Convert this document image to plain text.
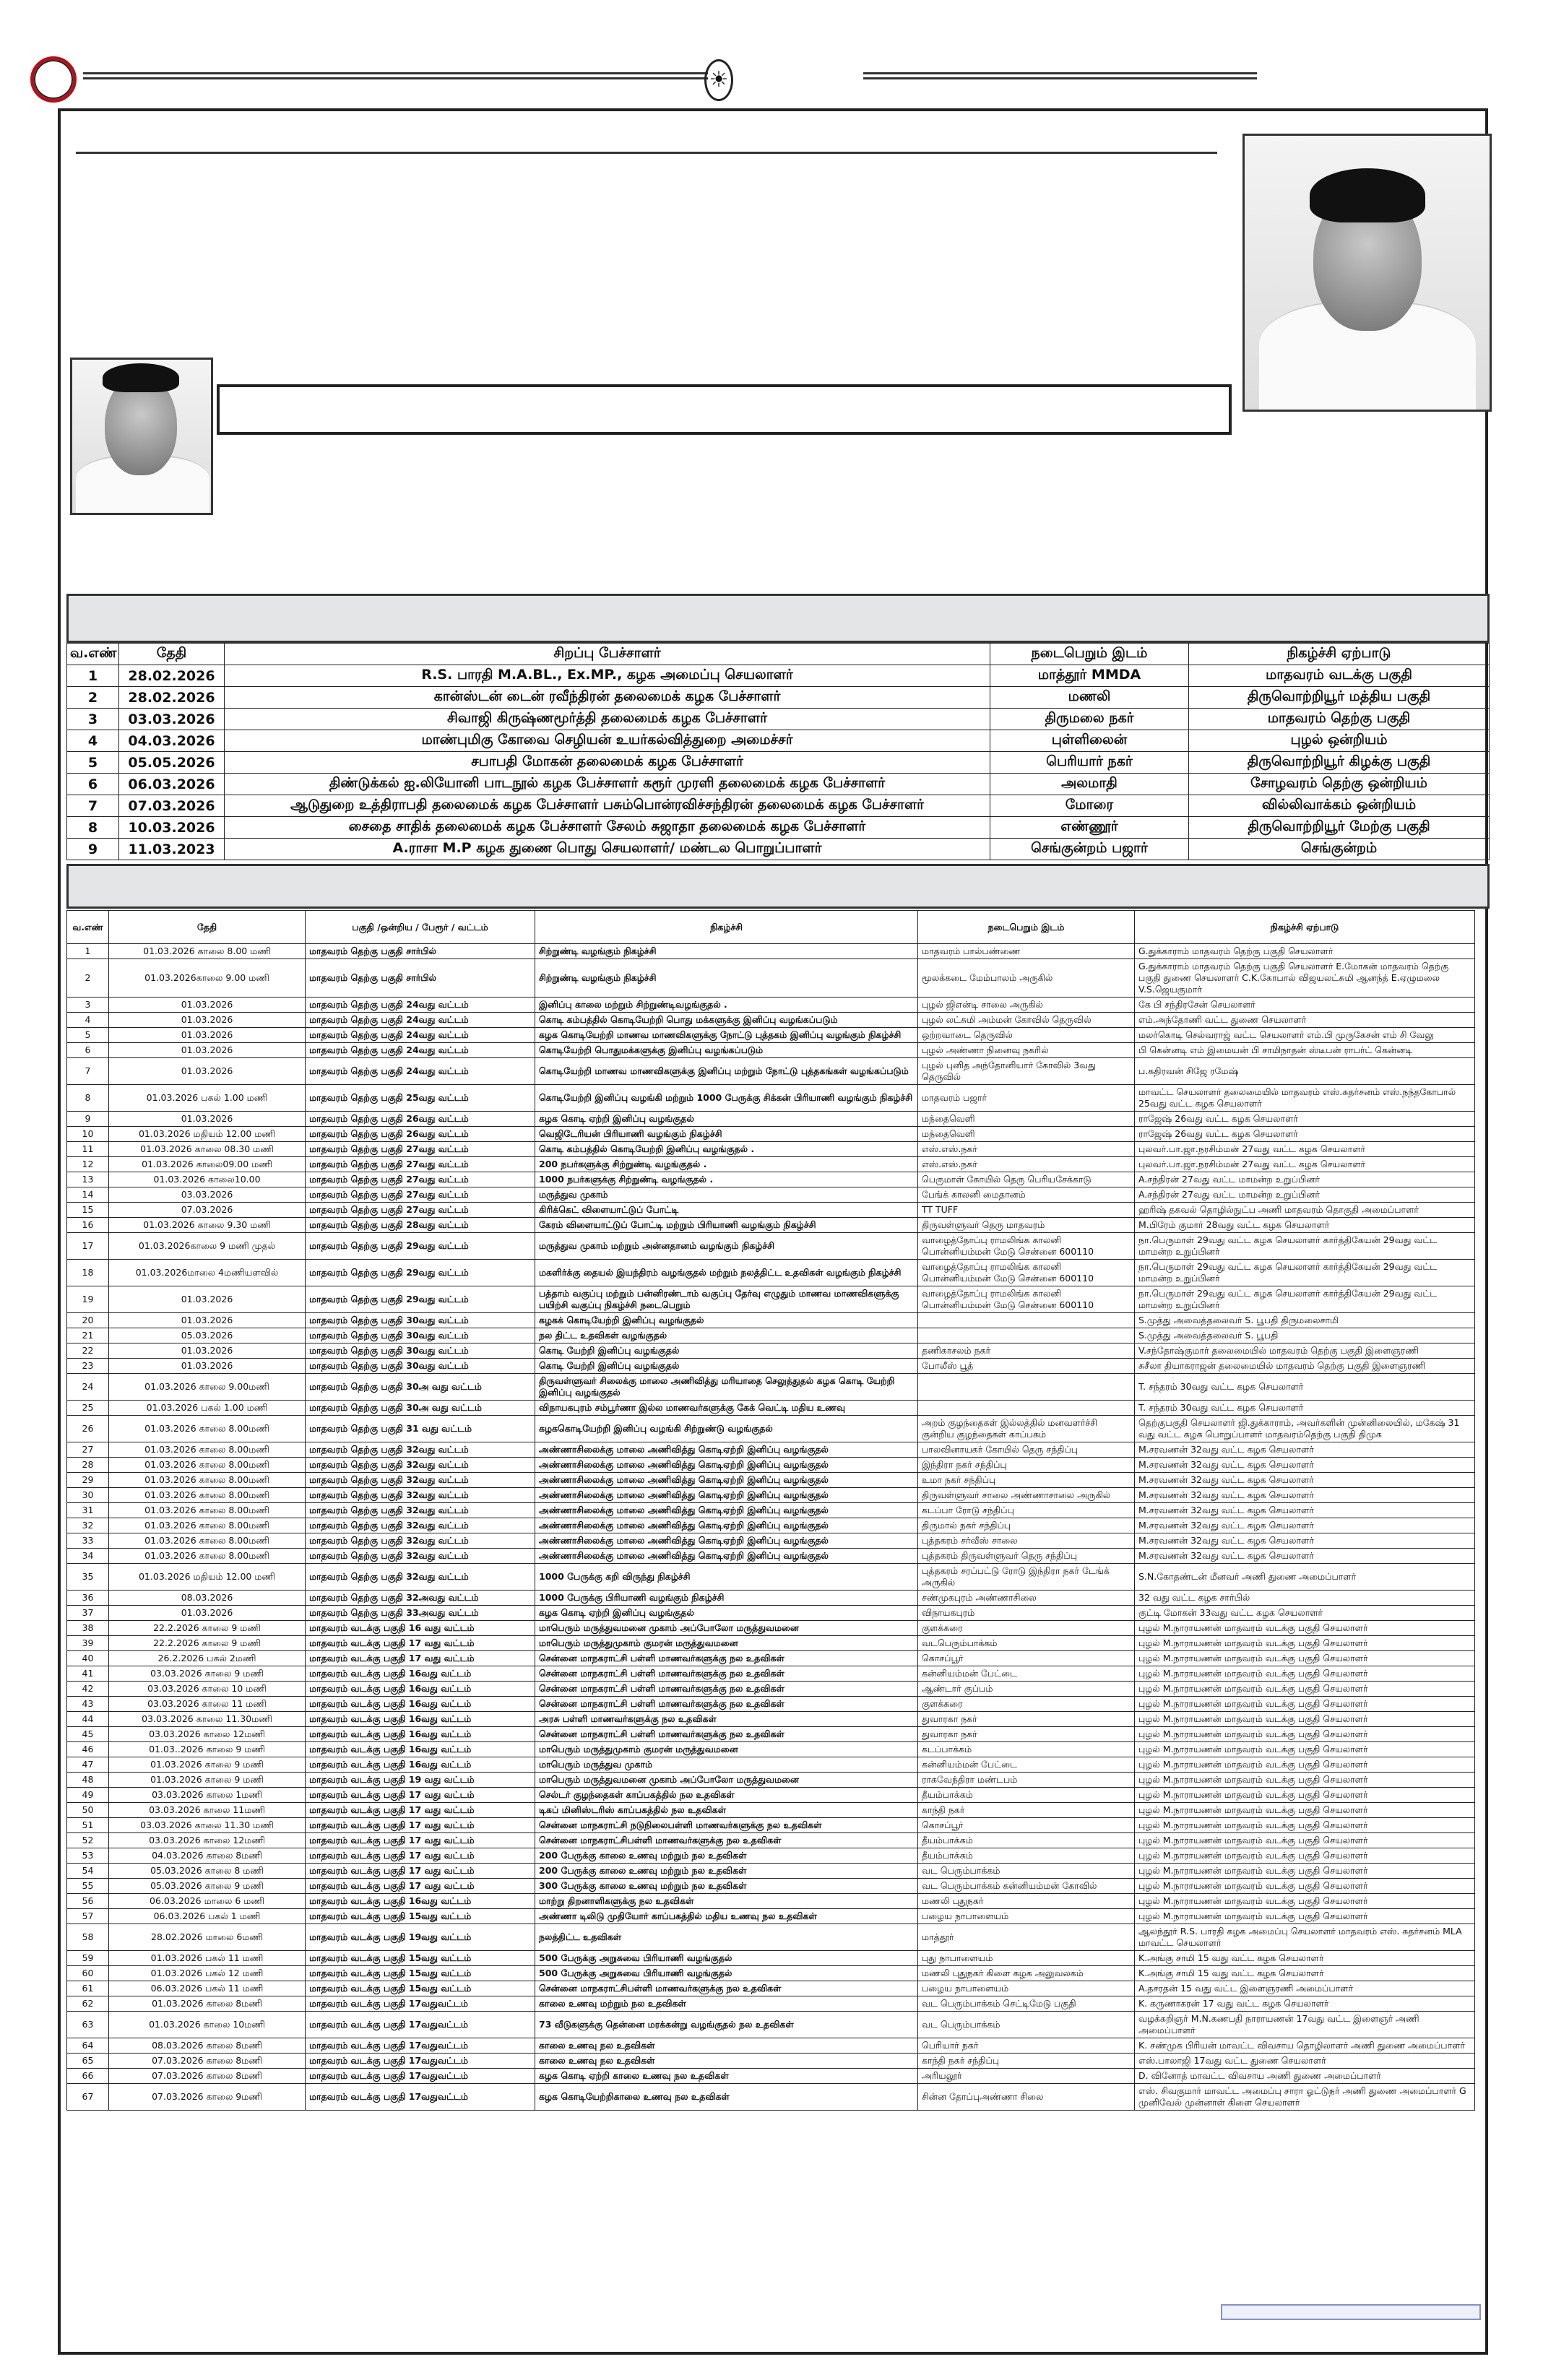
☀
வ.எண்	தேதி	சிறப்பு பேச்சாளர்	நடைபெறும் இடம்	நிகழ்ச்சி ஏற்பாடு
1	28.02.2026	R.S. பாரதி M.A.BL., Ex.MP., கழக அமைப்பு செயலாளர்	மாத்தூர் MMDA	மாதவரம் வடக்கு பகுதி
2	28.02.2026	கான்ஸ்டன் டைன் ரவீந்திரன் தலைமைக் கழக பேச்சாளர்	மணலி	திருவொற்றியூர் மத்திய பகுதி
3	03.03.2026	சிவாஜி கிருஷ்ணமூர்த்தி தலைமைக் கழக பேச்சாளர்	திருமலை நகர்	மாதவரம் தெற்கு பகுதி
4	04.03.2026	மாண்புமிகு கோவை செழியன் உயர்கல்வித்துறை அமைச்சர்	புள்ளிலைன்	புழல் ஒன்றியம்
5	05.05.2026	சபாபதி மோகன் தலைமைக் கழக பேச்சாளர்	பெரியார் நகர்	திருவொற்றியூர் கிழக்கு பகுதி
6	06.03.2026	திண்டுக்கல் ஐ.லியோனி பாடநூல் கழக பேச்சாளர் கரூர் முரளி தலைமைக் கழக பேச்சாளர்	அலமாதி	சோழவரம் தெற்கு ஒன்றியம்
7	07.03.2026	ஆடுதுறை உத்திராபதி தலைமைக் கழக பேச்சாளர் பசும்பொன்ரவிச்சந்திரன் தலைமைக் கழக பேச்சாளர்	மோரை	வில்லிவாக்கம் ஒன்றியம்
8	10.03.2026	சைதை சாதிக் தலைமைக் கழக பேச்சாளர் சேலம் சுஜாதா தலைமைக் கழக பேச்சாளர்	எண்ணூர்	திருவொற்றியூர் மேற்கு பகுதி
9	11.03.2023	A.ராசா M.P கழக துணை பொது செயலாளர்/ மண்டல பொறுப்பாளர்	செங்குன்றம் பஜார்	செங்குன்றம்
வ.எண்	தேதி	பகுதி /ஒன்றிய / பேரூர் / வட்டம்	நிகழ்ச்சி	நடைபெறும் இடம்	நிகழ்ச்சி ஏற்பாடு
1	01.03.2026 காலை 8.00 மணி	மாதவரம் தெற்கு பகுதி சார்பில்	சிற்றுண்டி வழங்கும் நிகழ்ச்சி	மாதவரம் பால்பண்ணை	G.துக்காராம் மாதவரம் தெற்கு பகுதி செயலாளர்
2	01.03.2026காலை 9.00 மணி	மாதவரம் தெற்கு பகுதி சார்பில்	சிற்றுண்டி வழங்கும் நிகழ்ச்சி	மூலக்கடை மேம்பாலம் அருகில்	G.துக்காராம் மாதவரம் தெற்கு பகுதி செயலாளர் E.மோகன் மாதவரம் தெற்கு பகுதி துணை செயலாளர் C.K.கோபால் விஜயலட்சுமி ஆனந்த் E.ஏழுமலை V.S.ஜெயகுமார்
3	01.03.2026	மாதவரம் தெற்கு பகுதி 24வது வட்டம்	இனிப்பு காலை மற்றும் சிற்றுண்டிவழங்குதல் .	புழல் ஜிஎன்டி சாலை அருகில்	கே பி சந்திரசேன் செயலாளர்
4	01.03.2026	மாதவரம் தெற்கு பகுதி 24வது வட்டம்	கொடி கம்பத்தில் கொடியேற்றி பொது மக்களுக்கு இனிப்பு வழங்கப்படும்	புழல் லட்சுமி அம்மன் கோவில் தெருவில்	எம்.அந்தோணி வட்ட துணை செயலாளர்
5	01.03.2026	மாதவரம் தெற்கு பகுதி 24வது வட்டம்	கழக கொடியேற்றி மாணவ மாணவிகளுக்கு நோட்டு புத்தகம் இனிப்பு வழங்கும் நிகழ்ச்சி	ஒற்றவாடை தெருவில்	மலர்கொடி செல்வராஜ் வட்ட செயலாளர் எம்.பி முருகேசன் எம் சி வேலு
6	01.03.2026	மாதவரம் தெற்கு பகுதி 24வது வட்டம்	கொடியேற்றி பொதுமக்களுக்கு இனிப்பு வழங்கப்படும்	புழல் அண்ணா நினைவு நகரில்	பி கென்னடி எம் இமையன் பி சாமிநாதன் ஸ்டீபன் ராபர்ட் கென்னடி
7	01.03.2026	மாதவரம் தெற்கு பகுதி 24வது வட்டம்	கொடியேற்றி மாணவ மாணவிகளுக்கு இனிப்பு மற்றும் நோட்டு புத்தகங்கள் வழங்கப்படும்	புழல் புனித அந்தோனியார் கோவில் 3வது தெருவில்	ப.கதிரவன் சிஜே ரமேஷ்
8	01.03.2026 பகல் 1.00 மணி	மாதவரம் தெற்கு பகுதி 25வது வட்டம்	கொடியேற்றி இனிப்பு வழங்கி மற்றும் 1000 பேருக்கு சிக்கன் பிரியாணி வழங்கும் நிகழ்ச்சி	மாதவரம் பஜார்	மாவட்ட செயலாளர் தலைமையில் மாதவரம் எஸ்.சுதர்சனம் எஸ்.நந்தகோபால் 25வது வட்ட கழக செயலாளர்
9	01.03.2026	மாதவரம் தெற்கு பகுதி 26வது வட்டம்	கழக கொடி ஏற்றி இனிப்பு வழங்குதல்	மந்தைவெளி	ராஜேஷ் 26வது வட்ட கழக செயலாளர்
10	01.03.2026 மதியம் 12.00 மணி	மாதவரம் தெற்கு பகுதி 26வது வட்டம்	வெஜிடேரியன் பிரியாணி வழங்கும் நிகழ்ச்சி	மந்தைவெளி	ராஜேஷ் 26வது வட்ட கழக செயலாளர்
11	01.03.2026 காலை 08.30 மணி	மாதவரம் தெற்கு பகுதி 27வது வட்டம்	கொடி கம்பத்தில் கொடியேற்றி இனிப்பு வழங்குதல் .	எஸ்.எஸ்.நகர்	புலவர்.பா.ஜா.நரசிம்மன் 27வது வட்ட கழக செயலாளர்
12	01.03.2026 காலை09.00 மணி	மாதவரம் தெற்கு பகுதி 27வது வட்டம்	200 நபர்களுக்கு சிற்றுண்டி வழங்குதல் .	எஸ்.எஸ்.நகர்	புலவர்.பா.ஜா.நரசிம்மன் 27வது வட்ட கழக செயலாளர்
13	01.03.2026 காலை10.00	மாதவரம் தெற்கு பகுதி 27வது வட்டம்	1000 நபர்களுக்கு சிற்றுண்டி வழங்குதல் .	பெருமாள் கோயில் தெரு பெரியசேக்காடு	A.சந்திரன் 27வது வட்ட மாமன்ற உறுப்பினர்
14	03.03.2026	மாதவரம் தெற்கு பகுதி 27வது வட்டம்	மருத்துவ முகாம்	பேங்க் காலனி மைதானம்	A.சந்திரன் 27வது வட்ட மாமன்ற உறுப்பினர்
15	07.03.2026	மாதவரம் தெற்கு பகுதி 27வது வட்டம்	கிரிக்கெட் விளையாட்டுப் போட்டி	TT TUFF	ஹரிஷ் தகவல் தொழில்நுட்ப அணி மாதவரம் தொகுதி அமைப்பாளர்
16	01.03.2026 காலை 9.30 மணி	மாதவரம் தெற்கு பகுதி 28வது வட்டம்	கேரம் விளையாட்டுப் போட்டி மற்றும் பிரியாணி வழங்கும் நிகழ்ச்சி	திருவள்ளுவர் தெரு மாதவரம்	M.பிரேம் குமார் 28வது வட்ட கழக செயலாளர்
17	01.03.2026காலை 9 மணி முதல்	மாதவரம் தெற்கு பகுதி 29வது வட்டம்	மருத்துவ முகாம் மற்றும் அன்னதானம் வழங்கும் நிகழ்ச்சி	வாழைத்தோப்பு ராமலிங்க காலனி பொன்னியம்மன் மேடு சென்னை 600110	நா.பெருமாள் 29வது வட்ட கழக செயலாளர் கார்த்திகேயன் 29வது வட்ட மாமன்ற உறுப்பினர்
18	01.03.2026மாலை 4மணியளவில்	மாதவரம் தெற்கு பகுதி 29வது வட்டம்	மகளிர்க்கு தையல் இயந்திரம் வழங்குதல் மற்றும் நலத்திட்ட உதவிகள் வழங்கும் நிகழ்ச்சி	வாழைத்தோப்பு ராமலிங்க காலனி பொன்னியம்மன் மேடு சென்னை 600110	நா.பெருமாள் 29வது வட்ட கழக செயலாளர் கார்த்திகேயன் 29வது வட்ட மாமன்ற உறுப்பினர்
19	01.03.2026	மாதவரம் தெற்கு பகுதி 29வது வட்டம்	பத்தாம் வகுப்பு மற்றும் பன்னிரண்டாம் வகுப்பு தேர்வு எழுதும் மாணவ மாணவிகளுக்கு பயிற்சி வகுப்பு நிகழ்ச்சி நடைபெறும்	வாழைத்தோப்பு ராமலிங்க காலனி பொன்னியம்மன் மேடு சென்னை 600110	நா.பெருமாள் 29வது வட்ட கழக செயலாளர் கார்த்திகேயன் 29வது வட்ட மாமன்ற உறுப்பினர்
20	01.03.2026	மாதவரம் தெற்கு பகுதி 30வது வட்டம்	கழகக் கொடியேற்றி இனிப்பு வழங்குதல்		S.முத்து அவைத்தலைவர் S. பூபதி திருமலைசாமி
21	05.03.2026	மாதவரம் தெற்கு பகுதி 30வது வட்டம்	நல திட்ட உதவிகள் வழங்குதல்		S.முத்து அவைத்தலைவர் S. பூபதி
22	01.03.2026	மாதவரம் தெற்கு பகுதி 30வது வட்டம்	கொடி யேற்றி இனிப்பு வழங்குதல்	தணிகாசலம் நகர்	V.சந்தோஷ்குமார் தலைமையில் மாதவரம் தெற்கு பகுதி இளைஞரணி
23	01.03.2026	மாதவரம் தெற்கு பகுதி 30வது வட்டம்	கொடி யேற்றி இனிப்பு வழங்குதல்	போலீஸ் பூத்	சுசீலா தியாகராஜன் தலைமையில் மாதவரம் தெற்கு பகுதி இளைஞரணி
24	01.03.2026 காலை 9.00மணி	மாதவரம் தெற்கு பகுதி 30அ வது வட்டம்	திருவள்ளுவர் சிலைக்கு மாலை அணிவித்து மரியாதை செலுத்துதல் கழக கொடி யேற்றி இனிப்பு வழங்குதல்		T. சந்தரம் 30வது வட்ட கழக செயலாளர்
25	01.03.2026 பகல் 1.00 மணி	மாதவரம் தெற்கு பகுதி 30அ வது வட்டம்	விநாயகபுரம் சம்பூர்ணா இல்ல மாணவர்களுக்கு கேக் வெட்டி மதிய உணவு		T. சந்தரம் 30வது வட்ட கழக செயலாளர்
26	01.03.2026 காலை 8.00மணி	மாதவரம் தெற்கு பகுதி 31 வது வட்டம்	கழககொடியேற்றி இனிப்பு வழங்கி சிற்றுண்டு வழங்குதல்	அறம் குழந்தைகள் இல்லத்தில் மனவளர்ச்சி குன்றிய குழந்தைகள் காப்பகம்	தெற்குபகுதி செயலாளர் ஜி.துக்காராம், அவர்களின் முன்னிலையில், மகேஷ் 31 வது வட்ட கழக பொறுப்பாளர் மாதவரம்தெற்கு பகுதி திமுக
27	01.03.2026 காலை 8.00மணி	மாதவரம் தெற்கு பகுதி 32வது வட்டம்	அண்ணாசிலைக்கு மாலை அணிவித்து கொடிஏற்றி இனிப்பு வழங்குதல்	பாலவினாயகர் கோயில் தெரு சந்திப்பு	M.சரவணன் 32வது வட்ட கழக செயலாளர்
28	01.03.2026 காலை 8.00மணி	மாதவரம் தெற்கு பகுதி 32வது வட்டம்	அண்ணாசிலைக்கு மாலை அணிவித்து கொடிஏற்றி இனிப்பு வழங்குதல்	இந்திரா நகர் சந்திப்பு	M.சரவணன் 32வது வட்ட கழக செயலாளர்
29	01.03.2026 காலை 8.00மணி	மாதவரம் தெற்கு பகுதி 32வது வட்டம்	அண்ணாசிலைக்கு மாலை அணிவித்து கொடிஏற்றி இனிப்பு வழங்குதல்	உமா நகர் சந்திப்பு	M.சரவணன் 32வது வட்ட கழக செயலாளர்
30	01.03.2026 காலை 8.00மணி	மாதவரம் தெற்கு பகுதி 32வது வட்டம்	அண்ணாசிலைக்கு மாலை அணிவித்து கொடிஏற்றி இனிப்பு வழங்குதல்	திருவள்ளுவர் சாலை அண்ணாசாலை அருகில்	M.சரவணன் 32வது வட்ட கழக செயலாளர்
31	01.03.2026 காலை 8.00மணி	மாதவரம் தெற்கு பகுதி 32வது வட்டம்	அண்ணாசிலைக்கு மாலை அணிவித்து கொடிஏற்றி இனிப்பு வழங்குதல்	கடப்பா ரோடு சந்திப்பு	M.சரவணன் 32வது வட்ட கழக செயலாளர்
32	01.03.2026 காலை 8.00மணி	மாதவரம் தெற்கு பகுதி 32வது வட்டம்	அண்ணாசிலைக்கு மாலை அணிவித்து கொடிஏற்றி இனிப்பு வழங்குதல்	திருமால் நகர் சந்திப்பு	M.சரவணன் 32வது வட்ட கழக செயலாளர்
33	01.03.2026 காலை 8.00மணி	மாதவரம் தெற்கு பகுதி 32வது வட்டம்	அண்ணாசிலைக்கு மாலை அணிவித்து கொடிஏற்றி இனிப்பு வழங்குதல்	புத்தகரம் சர்வீஸ் சாலை	M.சரவணன் 32வது வட்ட கழக செயலாளர்
34	01.03.2026 காலை 8.00மணி	மாதவரம் தெற்கு பகுதி 32வது வட்டம்	அண்ணாசிலைக்கு மாலை அணிவித்து கொடிஏற்றி இனிப்பு வழங்குதல்	புத்தகரம் திருவள்ளுவர் தெரு சந்திப்பு	M.சரவணன் 32வது வட்ட கழக செயலாளர்
35	01.03.2026 மதியம் 12.00 மணி	மாதவரம் தெற்கு பகுதி 32வது வட்டம்	1000 பேருக்கு கறி விருந்து நிகழ்ச்சி	புத்தகரம் சரப்பட்டு ரோடு இந்திரா நகர் டேங்க் அருகில்	S.N.கோதண்டன் மீனவர் அணி துணை அமைப்பாளர்
36	08.03.2026	மாதவரம் தெற்கு பகுதி 32அவது வட்டம்	1000 பேருக்கு பிரியாணி வழங்கும் நிகழ்ச்சி	சண்முகபுரம் அண்ணாசிலை	32 வது வட்ட கழக சார்பில்
37	01.03.2026	மாதவரம் தெற்கு பகுதி 33அவது வட்டம்	கழக கொடி ஏற்றி இனிப்பு வழங்குதல்	விநாயகபுரம்	குட்டி மோகன் 33வது வட்ட கழக செயலாளர்
38	22.2.2026 காலை 9 மணி	மாதவரம் வடக்கு பகுதி 16 வது வட்டம்	மாபெரும் மருத்துவமனை முகாம் அப்போலோ மருத்துவமனை	குளக்கரை	புழல் M.நாராயணன் மாதவரம் வடக்கு பகுதி செயலாளர்
39	22.2.2026 காலை 9 மணி	மாதவரம் வடக்கு பகுதி 17 வது வட்டம்	மாபெரும் மருத்துமுகாம் குமரன் மருத்துவமனை	வடபெரும்பாக்கம்	புழல் M.நாராயணன் மாதவரம் வடக்கு பகுதி செயலாளர்
40	26.2.2026 பகல் 2மணி	மாதவரம் வடக்கு பகுதி 17 வது வட்டம்	சென்னை மாநகராட்சி பள்ளி மாணவர்களுக்கு நல உதவிகள்	கொசப்பூர்	புழல் M.நாராயணன் மாதவரம் வடக்கு பகுதி செயலாளர்
41	03.03.2026 காலை 9 மணி	மாதவரம் வடக்கு பகுதி 16வது வட்டம்	சென்னை மாநகராட்சி பள்ளி மாணவர்களுக்கு நல உதவிகள்	கன்னியம்மன் பேட்டை	புழல் M.நாராயணன் மாதவரம் வடக்கு பகுதி செயலாளர்
42	03.03.2026 காலை 10 மணி	மாதவரம் வடக்கு பகுதி 16வது வட்டம்	சென்னை மாநகராட்சி பள்ளி மாணவர்களுக்கு நல உதவிகள்	ஆண்டார் குப்பம்	புழல் M.நாராயணன் மாதவரம் வடக்கு பகுதி செயலாளர்
43	03.03.2026 காலை 11 மணி	மாதவரம் வடக்கு பகுதி 16வது வட்டம்	சென்னை மாநகராட்சி பள்ளி மாணவர்களுக்கு நல உதவிகள்	குளக்கரை	புழல் M.நாராயணன் மாதவரம் வடக்கு பகுதி செயலாளர்
44	03.03.2026 காலை 11.30மணி	மாதவரம் வடக்கு பகுதி 16வது வட்டம்	அரசு பள்ளி மாணவர்களுக்கு நல உதவிகள்	துவாரகா நகர்	புழல் M.நாராயணன் மாதவரம் வடக்கு பகுதி செயலாளர்
45	03.03.2026 காலை 12மணி	மாதவரம் வடக்கு பகுதி 16வது வட்டம்	சென்னை மாநகராட்சி பள்ளி மாணவர்களுக்கு நல உதவிகள்	துவாரகா நகர்	புழல் M.நாராயணன் மாதவரம் வடக்கு பகுதி செயலாளர்
46	01.03..2026 காலை 9 மணி	மாதவரம் வடக்கு பகுதி 16வது வட்டம்	மாபெரும் மருத்துமுகாம் குமரன் மருத்துவமனை	கடப்பாக்கம்	புழல் M.நாராயணன் மாதவரம் வடக்கு பகுதி செயலாளர்
47	01.03.2026 காலை 9 மணி	மாதவரம் வடக்கு பகுதி 16வது வட்டம்	மாபெரும் மருத்துவ முகாம்	கன்னியம்மன் பேட்டை	புழல் M.நாராயணன் மாதவரம் வடக்கு பகுதி செயலாளர்
48	01.03.2026 காலை 9 மணி	மாதவரம் வடக்கு பகுதி 19 வது வட்டம்	மாபெரும் மருத்துவமனை முகாம் அப்போலோ மருத்துவமனை	ராகவேந்திரா மண்டபம்	புழல் M.நாராயணன் மாதவரம் வடக்கு பகுதி செயலாளர்
49	03.03.2026 காலை 1மணி	மாதவரம் வடக்கு பகுதி 17 வது வட்டம்	செல்டர் குழந்தைகள் காப்பகத்தில் நல உதவிகள்	தீயம்பாக்கம்	புழல் M.நாராயணன் மாதவரம் வடக்கு பகுதி செயலாளர்
50	03.03.2026 காலை 11மணி	மாதவரம் வடக்கு பகுதி 17 வது வட்டம்	டிகப் மினிஸ்டரிஸ் காப்பகத்தில் நல உதவிகள்	காந்தி நகர்	புழல் M.நாராயணன் மாதவரம் வடக்கு பகுதி செயலாளர்
51	03.03.2026 காலை 11.30 மணி	மாதவரம் வடக்கு பகுதி 17 வது வட்டம்	சென்னை மாநகராட்சி நடுநிலைபள்ளி மாணவர்களுக்கு நல உதவிகள்	கொசப்பூர்	புழல் M.நாராயணன் மாதவரம் வடக்கு பகுதி செயலாளர்
52	03.03.2026 காலை 12மணி	மாதவரம் வடக்கு பகுதி 17 வது வட்டம்	சென்னை மாநகராட்சிபள்ளி மாணவர்களுக்கு நல உதவிகள்	தீயம்பாக்கம்	புழல் M.நாராயணன் மாதவரம் வடக்கு பகுதி செயலாளர்
53	04.03.2026 காலை 8மணி	மாதவரம் வடக்கு பகுதி 17 வது வட்டம்	200 பேருக்கு காலை உணவு மற்றும் நல உதவிகள்	தீயம்பாக்கம்	புழல் M.நாராயணன் மாதவரம் வடக்கு பகுதி செயலாளர்
54	05.03.2026 காலை 8 மணி	மாதவரம் வடக்கு பகுதி 17 வது வட்டம்	200 பேருக்கு காலை உணவு மற்றும் நல உதவிகள்	வட பெரும்பாக்கம்	புழல் M.நாராயணன் மாதவரம் வடக்கு பகுதி செயலாளர்
55	05.03.2026 காலை 9 மணி	மாதவரம் வடக்கு பகுதி 17 வது வட்டம்	300 பேருக்கு காலை உணவு மற்றும் நல உதவிகள்	வட பெரும்பாக்கம் கன்னியம்மன் கோவில்	புழல் M.நாராயணன் மாதவரம் வடக்கு பகுதி செயலாளர்
56	06.03.2026 மாலை 6 மணி	மாதவரம் வடக்கு பகுதி 16வது வட்டம்	மாற்று திறனாளிகளுக்கு நல உதவிகள்	மணலி புதுநகர்	புழல் M.நாராயணன் மாதவரம் வடக்கு பகுதி செயலாளர்
57	06.03.2026 பகல் 1 மணி	மாதவரம் வடக்கு பகுதி 15வது வட்டம்	அண்ணா டிலிடு முதியோர் காப்பகத்தில் மதிய உணவு நல உதவிகள்	பழைய நாபாளையம்	புழல் M.நாராயணன் மாதவரம் வடக்கு பகுதி செயலாளர்
58	28.02.2026 மாலை 6மணி	மாதவரம் வடக்கு பகுதி 19வது வட்டம்	நலத்திட்ட உதவிகள்	மாத்தூர்	ஆலந்தூர் R.S. பாரதி கழக அமைப்பு செயலாளர் மாதவரம் எஸ். சுதர்சனம் MLA மாவட்ட செயலாளர்
59	01.03.2026 பகல் 11 மணி	மாதவரம் வடக்கு பகுதி 15வது வட்டம்	500 பேருக்கு அறுசுவை பிரியாணி வழங்குதல்	புது நாபாளையம்	K.அங்கு சாமி 15 வது வட்ட கழக செயலாளர்
60	01.03.2026 பகல் 12 மணி	மாதவரம் வடக்கு பகுதி 15வது வட்டம்	500 பேருக்கு அறுசுவை பிரியாணி வழங்குதல்	மணலி புதுநகர் கிளை கழக அலுவலகம்	K.அங்கு சாமி 15 வது வட்ட கழக செயலாளர்
61	06.03.2026 பகல் 11 மணி	மாதவரம் வடக்கு பகுதி 15வது வட்டம்	சென்னை மாநகராட்சிபள்ளி மாணவர்களுக்கு நல உதவிகள்	பழைய நாபாளையம்	A.தசரதன் 15 வது வட்ட இளைஞரணி அமைப்பாளர்
62	01.03.2026 காலை 8மணி	மாதவரம் வடக்கு பகுதி 17வதுவட்டம்	காலை உணவு மற்றும் நல உதவிகள்	வட பெரும்பாக்கம் செட்டிமேடு பகுதி	K. கருணாகரன் 17 வது வட்ட கழக செயலாளர்
63	01.03.2026 காலை 10மணி	மாதவரம் வடக்கு பகுதி 17வதுவட்டம்	73 வீடுகளுக்கு தென்னை மரக்கன்று வழங்குதல் நல உதவிகள்	வட பெரும்பாக்கம்	வழக்கறிஞர் M.N.கணபதி நாராயணன் 17வது வட்ட இளைஞர் அணி அமைப்பாளர்
64	08.03.2026 காலை 8மணி	மாதவரம் வடக்கு பகுதி 17வதுவட்டம்	காலை உணவு நல உதவிகள்	பெரியார் நகர்	K. சண்முக பிரியன் மாவட்ட விவசாய தொழிலாளர் அணி துணை அமைப்பாளர்
65	07.03.2026 காலை 8மணி	மாதவரம் வடக்கு பகுதி 17வதுவட்டம்	காலை உணவு நல உதவிகள்	காந்தி நகர் சந்திப்பு	எஸ்.பாலாஜி 17வது வட்ட துணை செயலாளர்
66	07.03.2026 காலை 8மணி	மாதவரம் வடக்கு பகுதி 17வதுவட்டம்	கழக கொடி ஏற்றி காலை உணவு நல உதவிகள்	அரியலூர்	D. வினோத் மாவட்ட விவசாய அணி துணை அமைப்பாளர்
67	07.03.2026 காலை 9மணி	மாதவரம் வடக்கு பகுதி 17வதுவட்டம்	கழக கொடியேற்றிகாலை உணவு நல உதவிகள்	சின்ன தோப்புஅண்ணா சிலை	எஸ். சிவகுமார் மாவட்ட அமைப்பு சாரா ஓட்டுநர் அணி துணை அமைப்பாளர் G முனிவேல் முன்னாள் கிளை செயலாளர்
